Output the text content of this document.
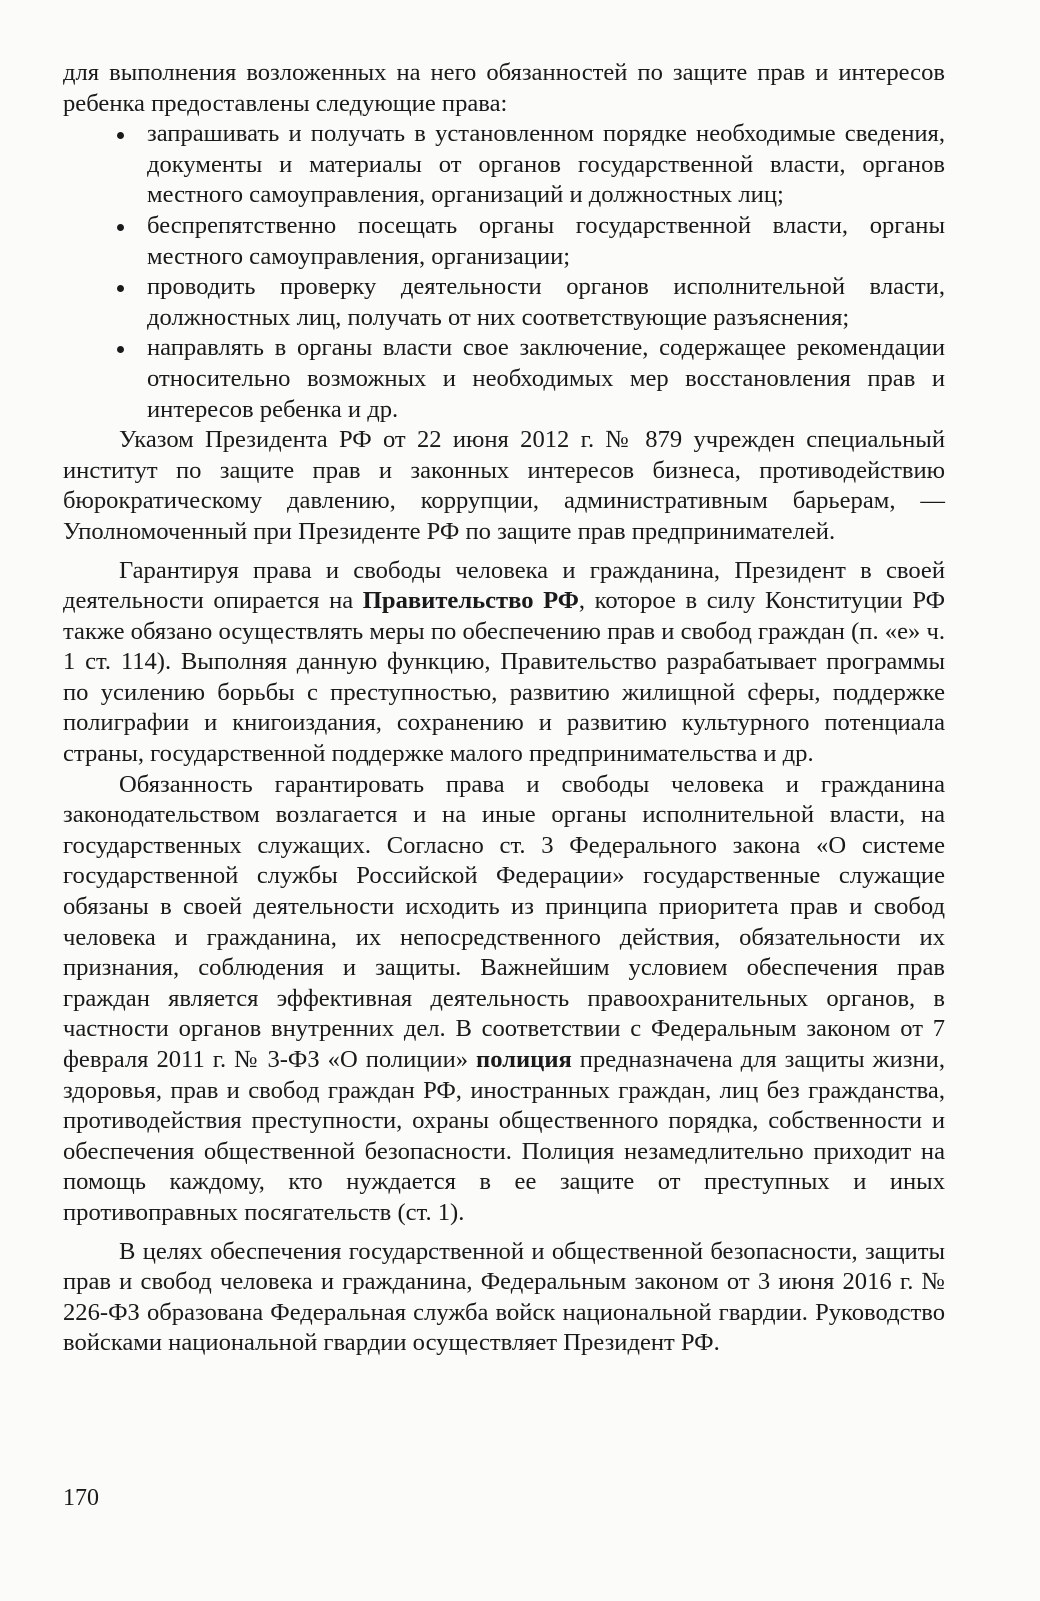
для выполнения возложенных на него обязанностей по защите прав и интересов ребенка предоставлены следующие права:

запрашивать и получать в установленном порядке необходимые сведения, документы и материалы от органов государственной власти, органов местного самоуправления, организаций и должностных лиц;
беспрепятственно посещать органы государственной власти, органы местного самоуправления, организации;
проводить проверку деятельности органов исполнительной власти, должностных лиц, получать от них соответствующие разъяснения;
направлять в органы власти свое заключение, содержащее рекомендации относительно возможных и необходимых мер восстановления прав и интересов ребенка и др.

Указом Президента РФ от 22 июня 2012 г. № 879 учрежден специальный институт по защите прав и законных интересов бизнеса, противодействию бюрократическому давлению, коррупции, административным барьерам, — Уполномоченный при Президенте РФ по защите прав предпринимателей.

Гарантируя права и свободы человека и гражданина, Президент в своей деятельности опирается на Правительство РФ, которое в силу Конституции РФ также обязано осуществлять меры по обеспечению прав и свобод граждан (п. «е» ч. 1 ст. 114). Выполняя данную функцию, Правительство разрабатывает программы по усилению борьбы с преступностью, развитию жилищной сферы, поддержке полиграфии и книгоиздания, сохранению и развитию культурного потенциала страны, государственной поддержке малого предпринимательства и др.

Обязанность гарантировать права и свободы человека и гражданина законодательством возлагается и на иные органы исполнительной власти, на государственных служащих. Согласно ст. 3 Федерального закона «О системе государственной службы Российской Федерации» государственные служащие обязаны в своей деятельности исходить из принципа приоритета прав и свобод человека и гражданина, их непосредственного действия, обязательности их признания, соблюдения и защиты. Важнейшим условием обеспечения прав граждан является эффективная деятельность правоохранительных органов, в частности органов внутренних дел. В соответствии с Федеральным законом от 7 февраля 2011 г. № 3-ФЗ «О полиции» полиция предназначена для защиты жизни, здоровья, прав и свобод граждан РФ, иностранных граждан, лиц без гражданства, противодействия преступности, охраны общественного порядка, собственности и обеспечения общественной безопасности. Полиция незамедлительно приходит на помощь каждому, кто нуждается в ее защите от преступных и иных противоправных посягательств (ст. 1).

В целях обеспечения государственной и общественной безопасности, защиты прав и свобод человека и гражданина, Федеральным законом от 3 июня 2016 г. № 226-ФЗ образована Федеральная служба войск национальной гвардии. Руководство войсками национальной гвардии осуществляет Президент РФ.

170
